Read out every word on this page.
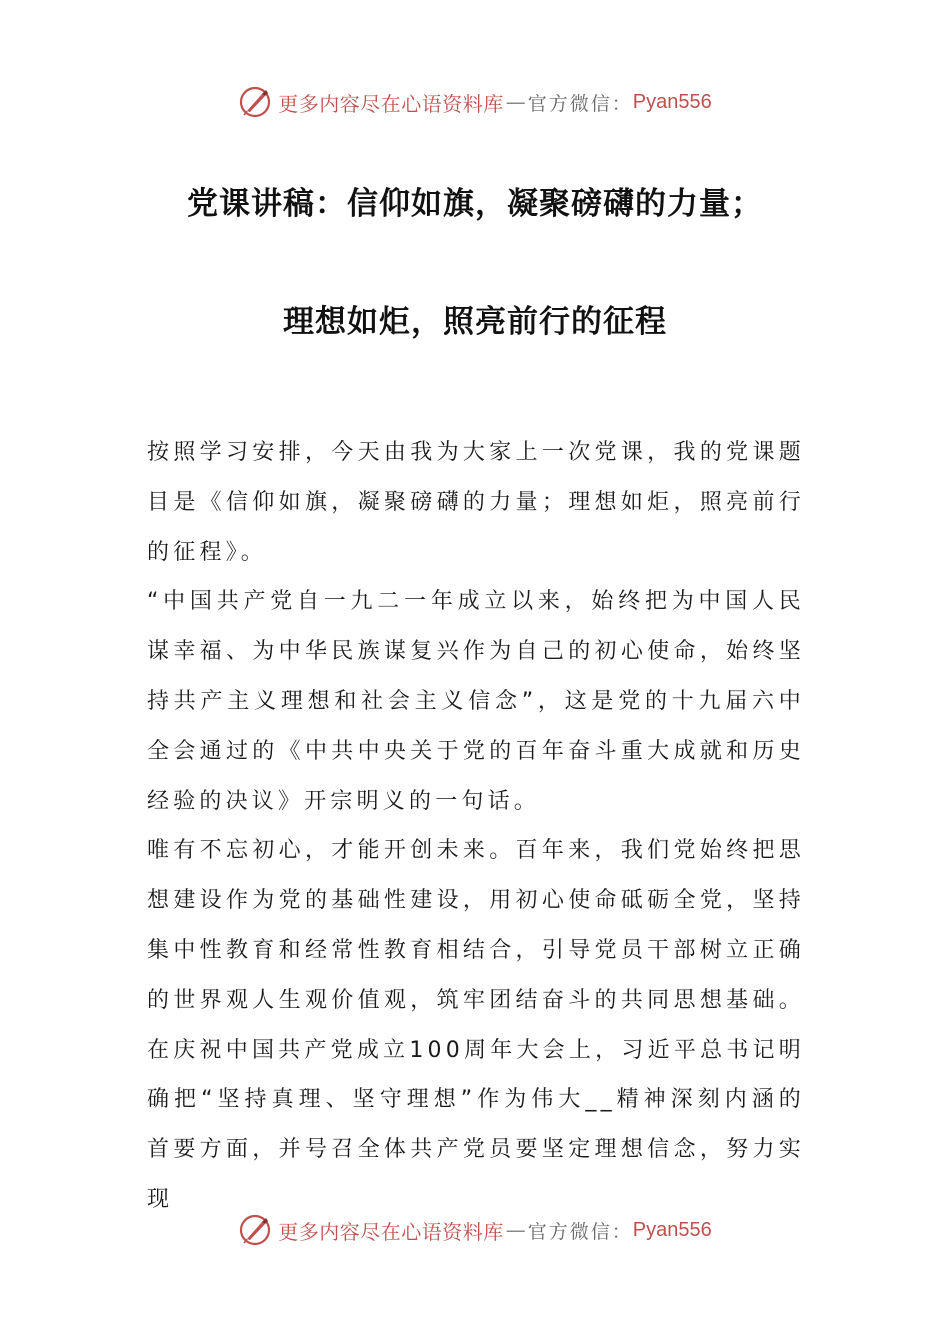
更多内容尽在心语资料库 — 官方微信： Pyan556
党课讲稿：信仰如旗，凝聚磅礴的力量；
理想如炬，照亮前行的征程

按照学习安排，今天由我为大家上一次党课，我的党课题目是《信仰如旗，凝聚磅礴的力量；理想如炬，照亮前行的征程》。

“中国共产党自一九二一年成立以来，始终把为中国人民谋幸福、为中华民族谋复兴作为自己的初心使命，始终坚持共产主义理想和社会主义信念”，这是党的十九届六中全会通过的《中共中央关于党的百年奋斗重大成就和历史经验的决议》开宗明义的一句话。

唯有不忘初心，才能开创未来。百年来，我们党始终把思想建设作为党的基础性建设，用初心使命砥砺全党，坚持集中性教育和经常性教育相结合，引导党员干部树立正确的世界观人生观价值观，筑牢团结奋斗的共同思想基础。在庆祝中国共产党成立100周年大会上，习近平总书记明确把“坚持真理、坚守理想”作为伟大__精神深刻内涵的首要方面，并号召全体共产党员要坚定理想信念，努力实现

更多内容尽在心语资料库 — 官方微信： Pyan556
